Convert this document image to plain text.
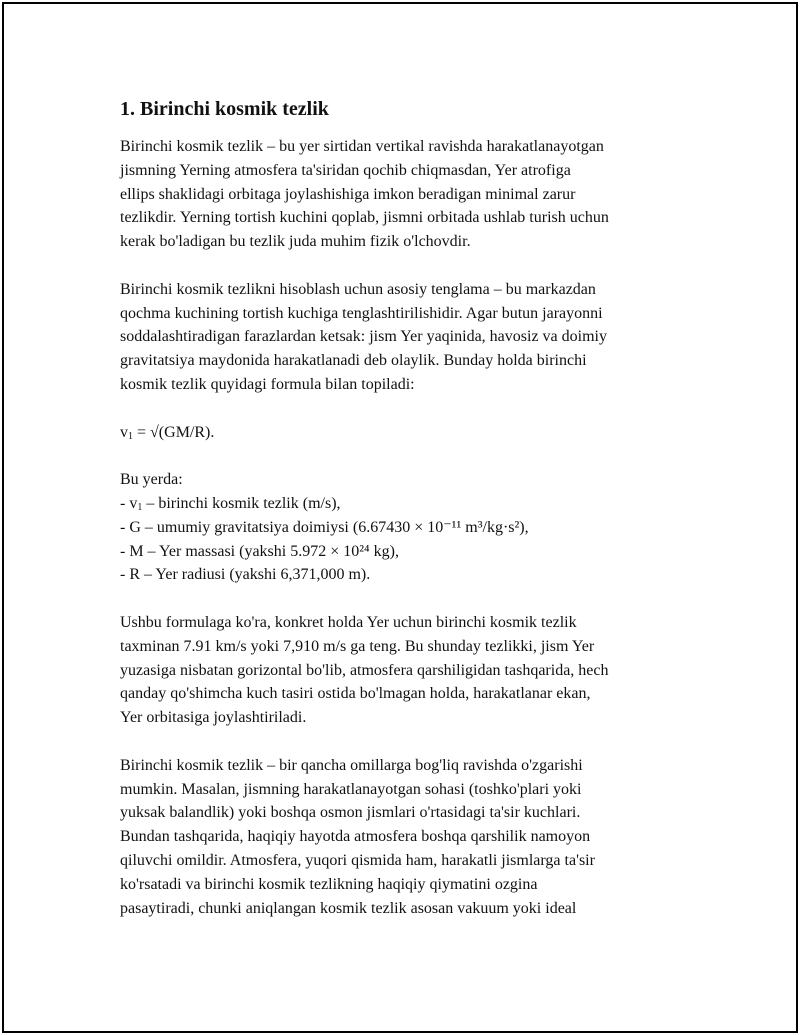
1. Birinchi kosmik tezlik

Birinchi kosmik tezlik – bu yer sirtidan vertikal ravishda harakatlanayotgan
jismning Yerning atmosfera ta'siridan qochib chiqmasdan, Yer atrofiga
ellips shaklidagi orbitaga joylashishiga imkon beradigan minimal zarur
tezlikdir. Yerning tortish kuchini qoplab, jismni orbitada ushlab turish uchun
kerak bo'ladigan bu tezlik juda muhim fizik o'lchovdir.

Birinchi kosmik tezlikni hisoblash uchun asosiy tenglama – bu markazdan
qochma kuchining tortish kuchiga tenglashtirilishidir. Agar butun jarayonni
soddalashtiradigan farazlardan ketsak: jism Yer yaqinida, havosiz va doimiy
gravitatsiya maydonida harakatlanadi deb olaylik. Bunday holda birinchi
kosmik tezlik quyidagi formula bilan topiladi:

$v_1 = √(GM/R)$.

Bu yerda:
- $v_1$ – birinchi kosmik tezlik (m/s),
- G – umumiy gravitatsiya doimiysi (6.67430 × 10⁻¹¹ m³/kg·s²),
- M – Yer massasi (yakshi 5.972 × 10²⁴ kg),
- R – Yer radiusi (yakshi 6,371,000 m).

Ushbu formulaga ko'ra, konkret holda Yer uchun birinchi kosmik tezlik
taxminan 7.91 km/s yoki 7,910 m/s ga teng. Bu shunday tezlikki, jism Yer
yuzasiga nisbatan gorizontal bo'lib, atmosfera qarshiligidan tashqarida, hech
qanday qo'shimcha kuch tasiri ostida bo'lmagan holda, harakatlanar ekan,
Yer orbitasiga joylashtiriladi.

Birinchi kosmik tezlik – bir qancha omillarga bog'liq ravishda o'zgarishi
mumkin. Masalan, jismning harakatlanayotgan sohasi (toshko'plari yoki
yuksak balandlik) yoki boshqa osmon jismlari o'rtasidagi ta'sir kuchlari.
Bundan tashqarida, haqiqiy hayotda atmosfera boshqa qarshilik namoyon
qiluvchi omildir. Atmosfera, yuqori qismida ham, harakatli jismlarga ta'sir
ko'rsatadi va birinchi kosmik tezlikning haqiqiy qiymatini ozgina
pasaytiradi, chunki aniqlangan kosmik tezlik asosan vakuum yoki ideal
